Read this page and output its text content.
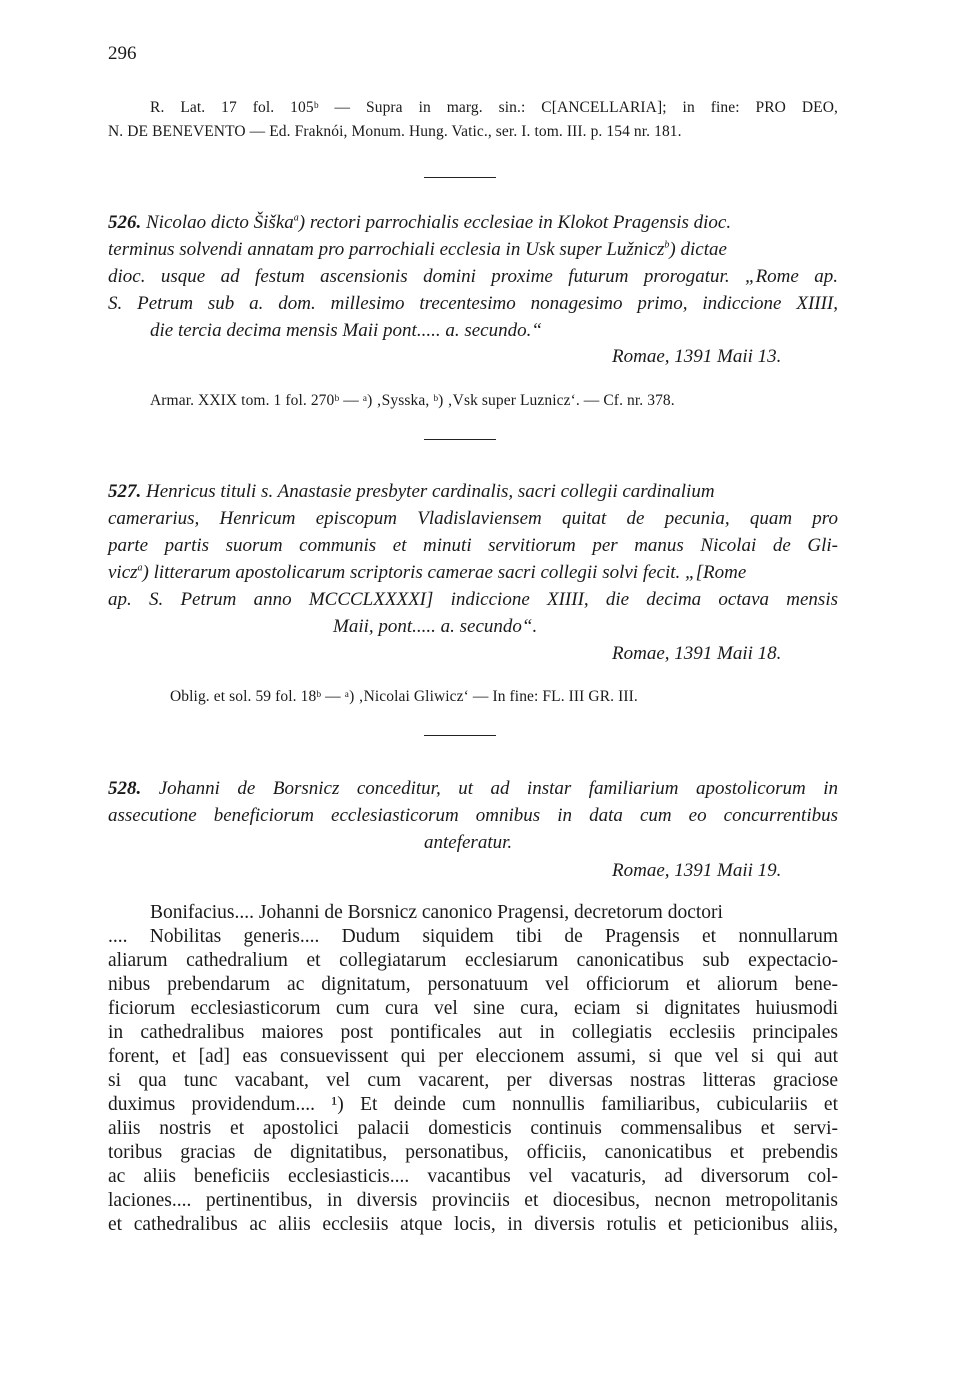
296
R. Lat. 17 fol. 105ᵇ — Supra in marg. sin.: C[ANCELLARIA]; in fine: PRO DEO,
N. DE BENEVENTO — Ed. Fraknói, Monum. Hung. Vatic., ser. I. tom. III. p. 154 nr. 181.
526. Nicolao dicto Šiška$^a$) rectori parrochialis ecclesiae in Klokot Pragensis dioc.
terminus solvendi annatam pro parrochiali ecclesia in Usk super Lužnicz$^b$) dictae
dioc. usque ad festum ascensionis domini proxime futurum prorogatur. „Rome ap.
S. Petrum sub a. dom. millesimo trecentesimo nonagesimo primo, indiccione XIIII,
die tercia decima mensis Maii pont..... a. secundo.“
Romae, 1391 Maii 13.
Armar. XXIX tom. 1 fol. 270ᵇ — ᵃ) ‚Sysska, ᵇ) ‚Vsk super Luznicz‘. — Cf. nr. 378.
527. Henricus tituli s. Anastasie presbyter cardinalis, sacri collegii cardinalium
camerarius, Henricum episcopum Vladislaviensem quitat de pecunia, quam pro
parte partis suorum communis et minuti servitiorum per manus Nicolai de Gli-
vicz$^a$) litterarum apostolicarum scriptoris camerae sacri collegii solvi fecit. „[Rome
ap. S. Petrum anno MCCCLXXXXI] indiccione XIIII, die decima octava mensis
Maii, pont..... a. secundo“.
Romae, 1391 Maii 18.
Oblig. et sol. 59 fol. 18ᵇ — ᵃ) ‚Nicolai Gliwicz‘ — In fine: FL. III GR. III.
528. Johanni de Borsnicz conceditur, ut ad instar familiarium apostolicorum in
assecutione beneficiorum ecclesiasticorum omnibus in data cum eo concurrentibus
anteferatur.
Romae, 1391 Maii 19.
Bonifacius.... Johanni de Borsnicz canonico Pragensi, decretorum doctori
.... Nobilitas generis.... Dudum siquidem tibi de Pragensis et nonnullarum
aliarum cathedralium et collegiatarum ecclesiarum canonicatibus sub expectacio-
nibus prebendarum ac dignitatum, personatuum vel officiorum et aliorum bene-
ficiorum ecclesiasticorum cum cura vel sine cura, eciam si dignitates huiusmodi
in cathedralibus maiores post pontificales aut in collegiatis ecclesiis principales
forent, et [ad] eas consuevissent qui per eleccionem assumi, si que vel si qui aut
si qua tunc vacabant, vel cum vacarent, per diversas nostras litteras graciose
duximus providendum.... ¹) Et deinde cum nonnullis familiaribus, cubiculariis et
aliis nostris et apostolici palacii domesticis continuis commensalibus et servi-
toribus gracias de dignitatibus, personatibus, officiis, canonicatibus et prebendis
ac aliis beneficiis ecclesiasticis.... vacantibus vel vacaturis, ad diversorum col-
laciones.... pertinentibus, in diversis provinciis et diocesibus, necnon metropolitanis
et cathedralibus ac aliis ecclesiis atque locis, in diversis rotulis et peticionibus aliis,
